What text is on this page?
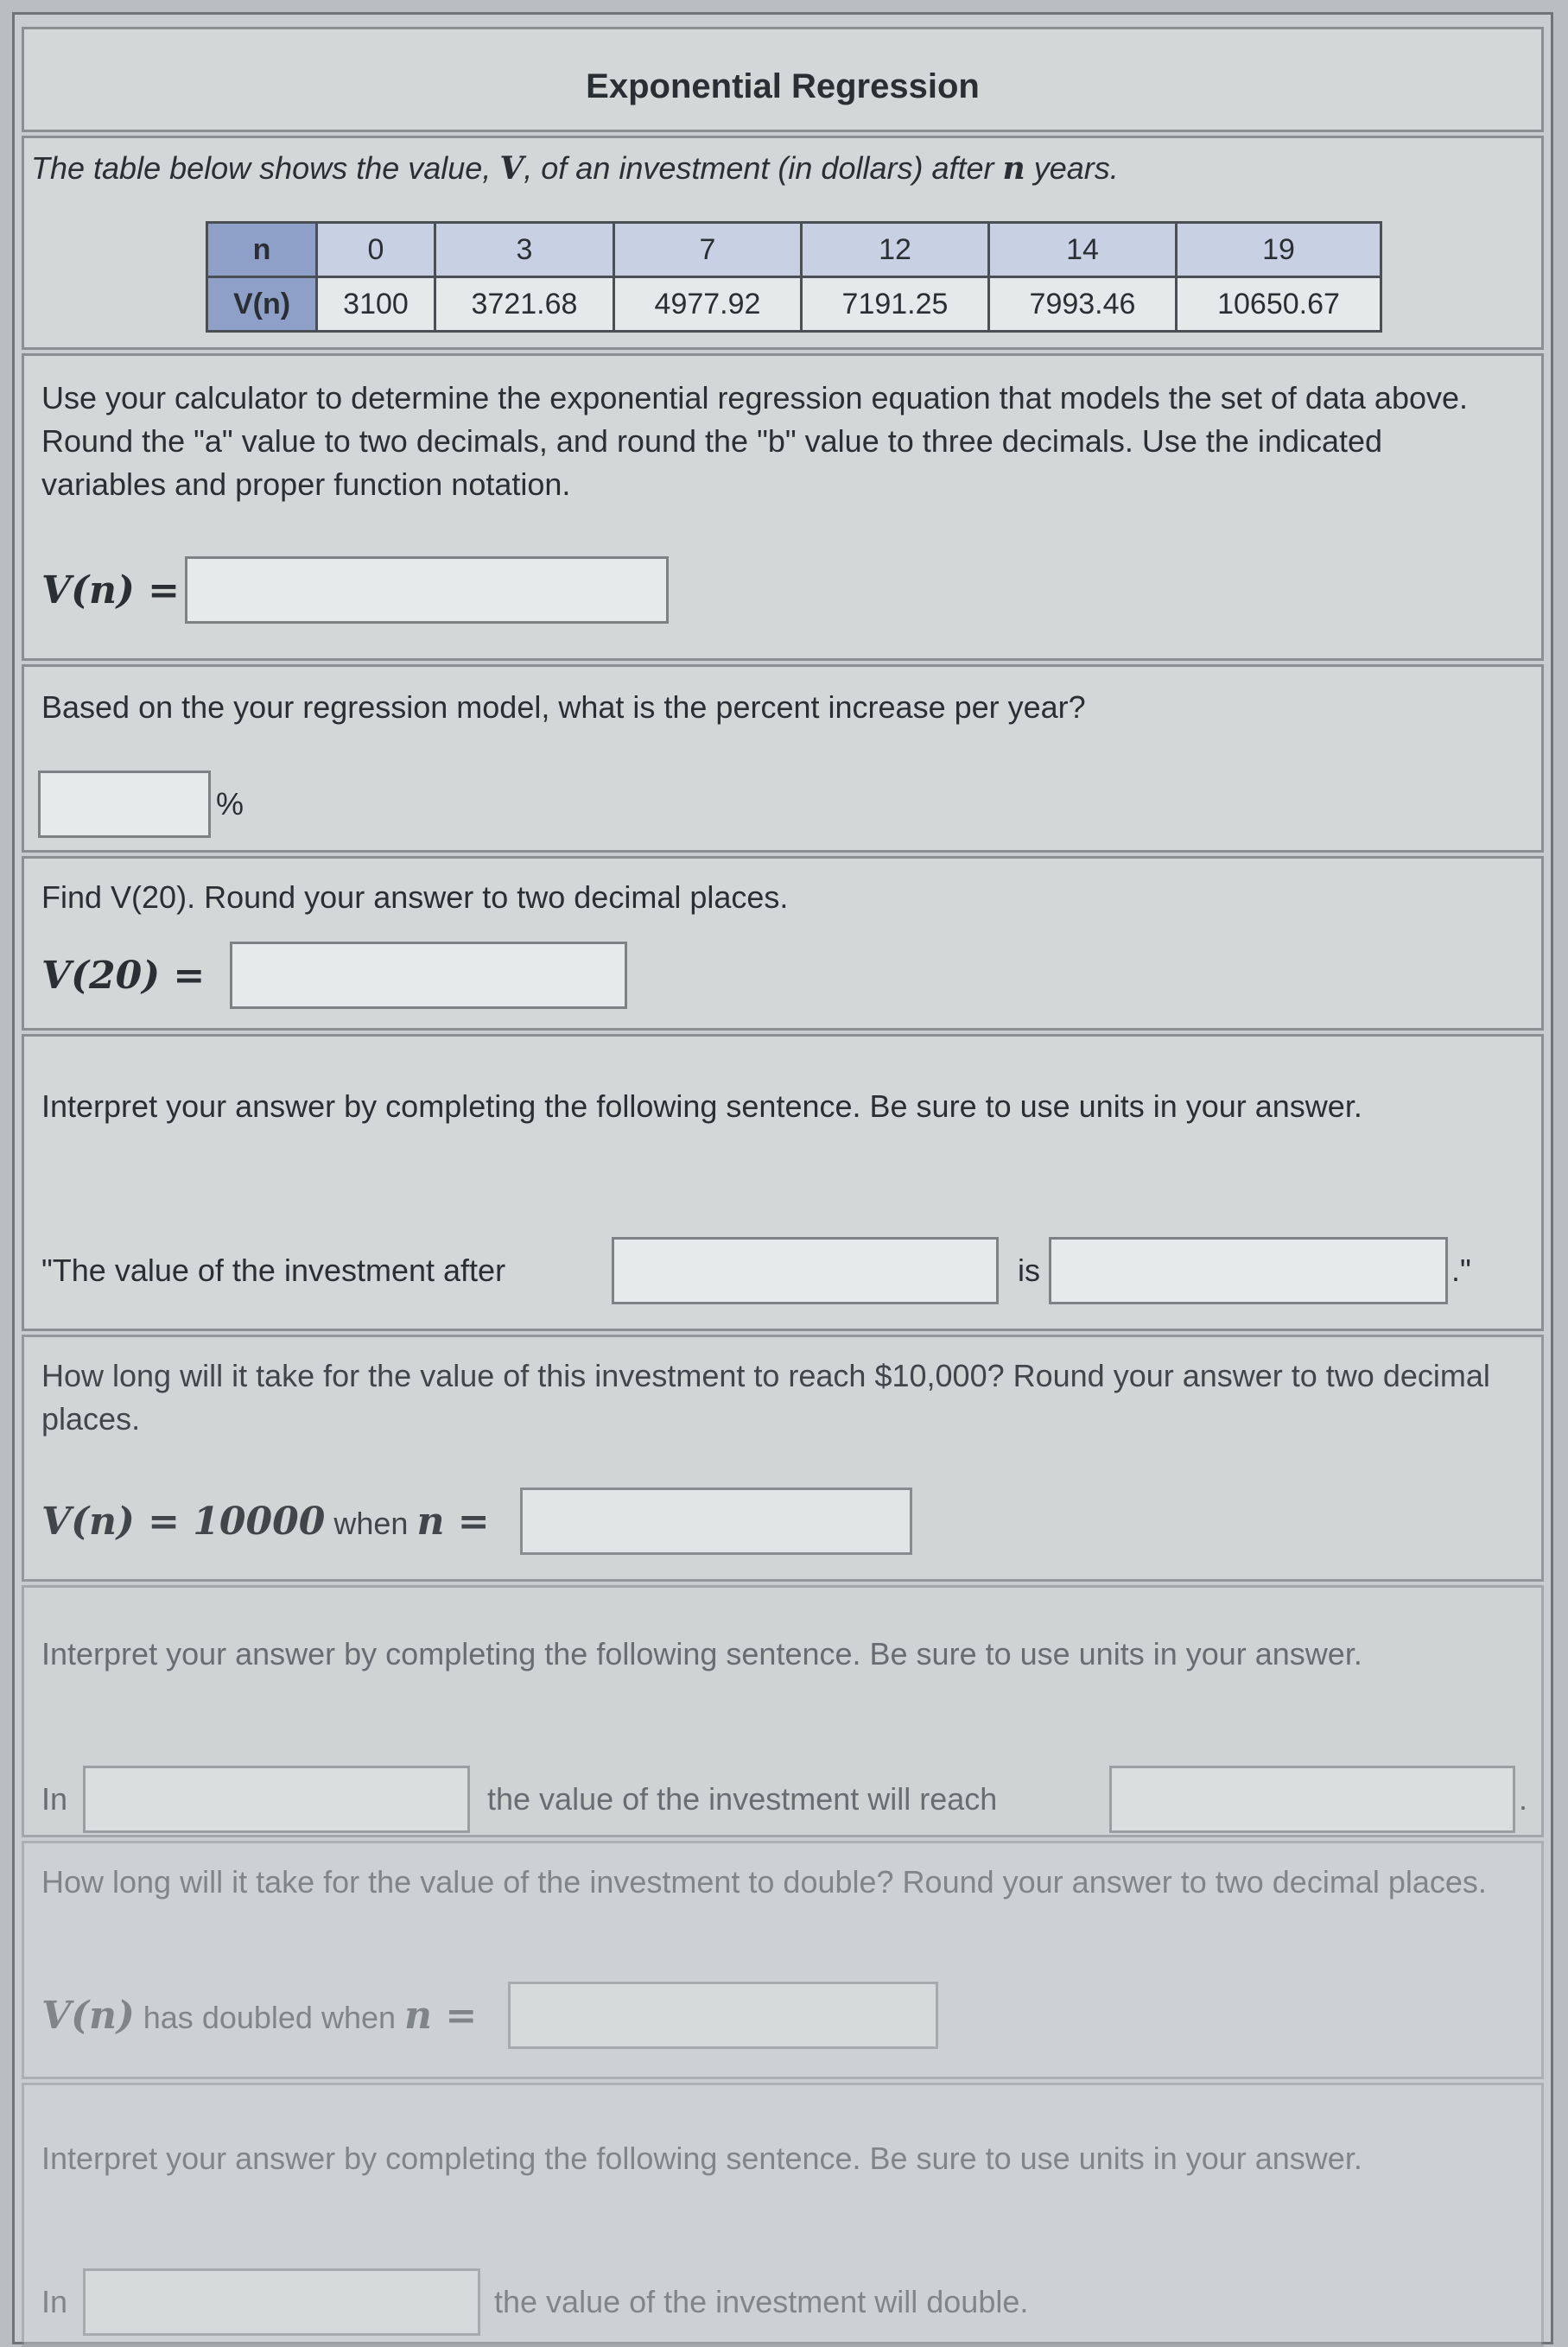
Exponential Regression
The table below shows the value, V, of an investment (in dollars) after n years.
n	0	3	7	12	14	19
V(n)	3100	3721.68	4977.92	7191.25	7993.46	10650.67
Use your calculator to determine the exponential regression equation that models the set of data above. Round the "a" value to two decimals, and round the "b" value to three decimals. Use the indicated variables and proper function notation.
V(n) =
Based on the your regression model, what is the percent increase per year?
%
Find V(20). Round your answer to two decimal places.
V(20) =
Interpret your answer by completing the following sentence. Be sure to use units in your answer.
"The value of the investment after	is	."
How long will it take for the value of this investment to reach $10,000? Round your answer to two decimal places.
V(n) = 10000 when n =
Interpret your answer by completing the following sentence. Be sure to use units in your answer.
In	the value of the investment will reach	.
How long will it take for the value of the investment to double? Round your answer to two decimal places.
V(n) has doubled when n =
Interpret your answer by completing the following sentence. Be sure to use units in your answer.
In	the value of the investment will double.
